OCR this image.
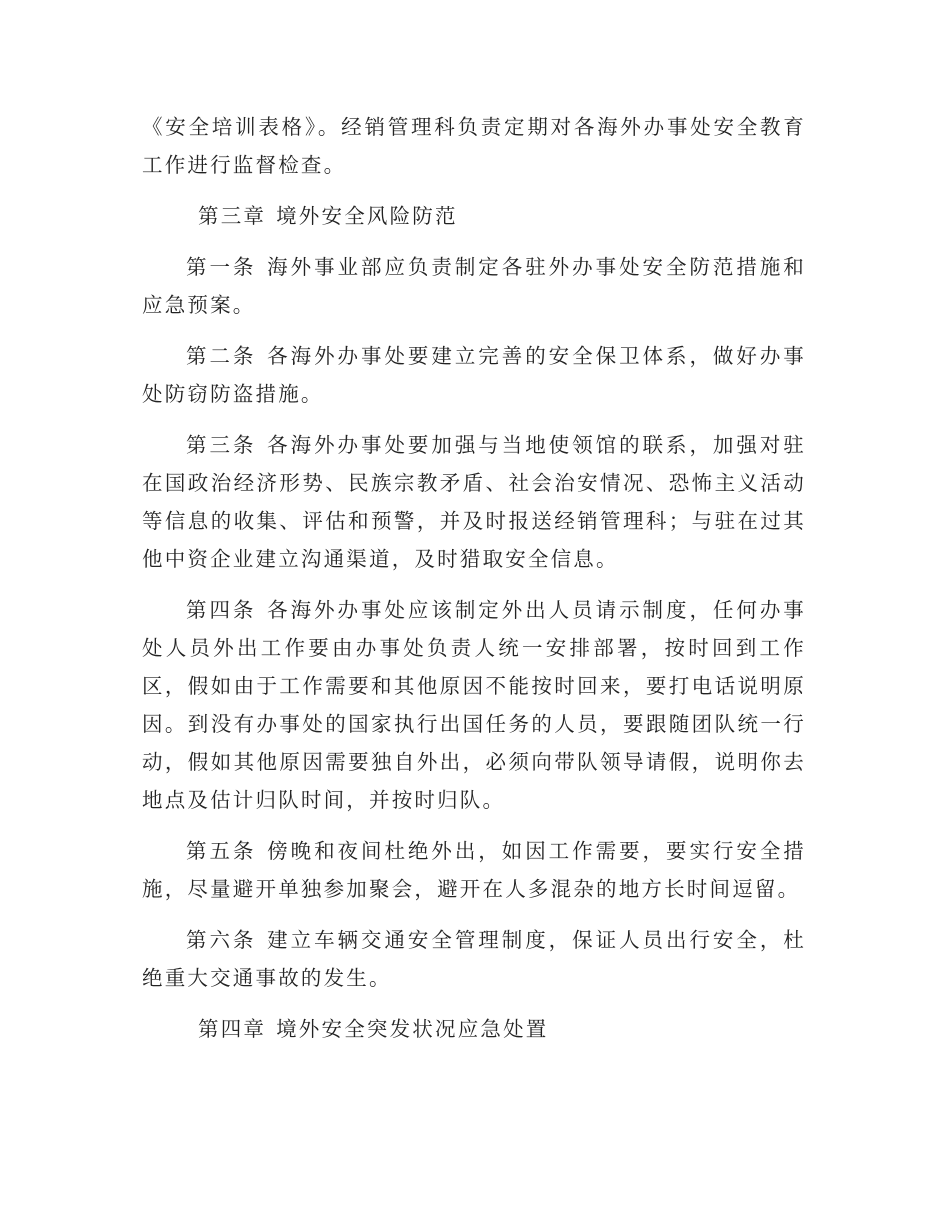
《安全培训表格》。经销管理科负责定期对各海外办事处安全教育工作进行监督检查。

第三章 境外安全风险防范

第一条 海外事业部应负责制定各驻外办事处安全防范措施和应急预案。

第二条 各海外办事处要建立完善的安全保卫体系，做好办事处防窃防盗措施。

第三条 各海外办事处要加强与当地使领馆的联系，加强对驻在国政治经济形势、民族宗教矛盾、社会治安情况、恐怖主义活动等信息的收集、评估和预警，并及时报送经销管理科；与驻在过其他中资企业建立沟通渠道，及时猎取安全信息。

第四条 各海外办事处应该制定外出人员请示制度，任何办事处人员外出工作要由办事处负责人统一安排部署，按时回到工作区，假如由于工作需要和其他原因不能按时回来，要打电话说明原因。到没有办事处的国家执行出国任务的人员，要跟随团队统一行动，假如其他原因需要独自外出，必须向带队领导请假，说明你去地点及估计归队时间，并按时归队。

第五条 傍晚和夜间杜绝外出，如因工作需要，要实行安全措施，尽量避开单独参加聚会，避开在人多混杂的地方长时间逗留。

第六条 建立车辆交通安全管理制度，保证人员出行安全，杜绝重大交通事故的发生。

第四章 境外安全突发状况应急处置
